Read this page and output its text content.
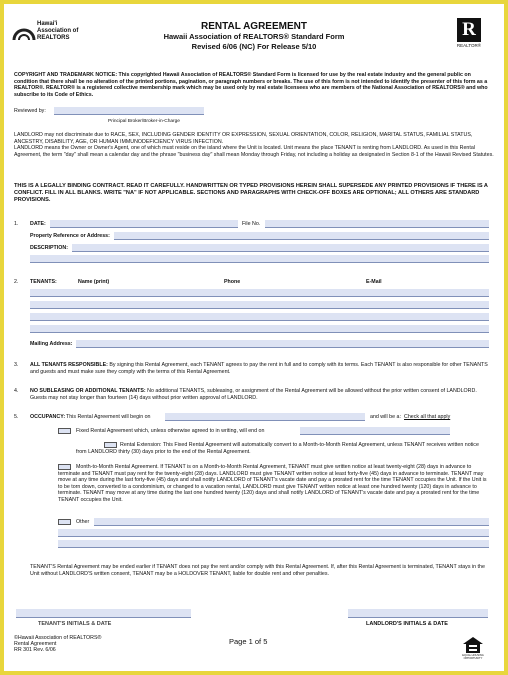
Hawai'i
Association of
REALTORS
RENTAL AGREEMENT
Hawaii Association of REALTORS® Standard Form
Revised 6/06 (NC) For Release 5/10
R
REALTOR®
COPYRIGHT AND TRADEMARK NOTICE: This copyrighted Hawaii Association of REALTORS® Standard Form is licensed for use by the real estate industry and the general public on condition that there shall be no alteration of the printed portions, pagination, or paragraph numbers or breaks. The use of this form is not intended to identify the presenter of this form as a REALTOR®. REALTOR® is a registered collective membership mark which may be used only by real estate licensees who are members of the National Association of REALTORS® and who subscribe to its Code of Ethics.
Reviewed by:
Principal Broker/Broker-in-Charge
LANDLORD may not discriminate due to RACE, SEX, INCLUDING GENDER IDENTITY OR EXPRESSION, SEXUAL ORIENTATION, COLOR, RELIGION, MARITAL STATUS, FAMILIAL STATUS, ANCESTRY, DISABILITY, AGE, OR HUMAN IMMUNODEFICIENCY VIRUS INFECTION.
LANDLORD means the Owner or Owner's Agent, one of which must reside on the island where the Unit is located. Unit means the place TENANT is renting from LANDLORD. As used in this Rental Agreement, the term "day" shall mean a calendar day and the phrase "business day" shall mean Monday through Friday, not including a holiday as designated in Section 8-1 of the Hawaii Revised Statutes.
THIS IS A LEGALLY BINDING CONTRACT. READ IT CAREFULLY. HANDWRITTEN OR TYPED PROVISIONS HEREIN SHALL SUPERSEDE ANY PRINTED PROVISIONS IF THERE IS A CONFLICT. FILL IN ALL BLANKS. WRITE "NA" IF NOT APPLICABLE. SECTIONS AND PARAGRAPHS WITH CHECK-OFF BOXES ARE OPTIONAL; ALL OTHERS ARE STANDARD PROVISIONS.
1. DATE:	File No.
Property Reference or Address:
DESCRIPTION:
2. TENANTS:	Name (print)	Phone	E-Mail
Mailing Address:
3. ALL TENANTS RESPONSIBLE: By signing this Rental Agreement, each TENANT agrees to pay the rent in full and to comply with its terms. Each TENANT is also responsible for other TENANTS and guests and must make sure they comply with the terms of this Rental Agreement.
4. NO SUBLEASING OR ADDITIONAL TENANTS: No additional TENANTS, subleasing, or assignment of the Rental Agreement will be allowed without the prior written consent of LANDLORD. Guests may not stay longer than fourteen (14) days without prior written approval of LANDLORD.
5. OCCUPANCY: This Rental Agreement will begin on	and will be a: Check all that apply
Fixed Rental Agreement which, unless otherwise agreed to in writing, will end on
Rental Extension: This Fixed Rental Agreement will automatically convert to a Month-to-Month Rental Agreement, unless TENANT receives written notice from LANDLORD thirty (30) days prior to the end of the Rental Agreement.
Month-to-Month Rental Agreement. If TENANT is on a Month-to-Month Rental Agreement, TENANT must give written notice at least twenty-eight (28) days in advance to terminate and TENANT must pay rent for the twenty-eight (28) days. LANDLORD must give TENANT written notice at least forty-five (45) days in advance to terminate. TENANT may move at any time during the last forty-five (45) days and shall notify LANDLORD of TENANT's vacate date and pay a prorated rent for the time TENANT occupies the Unit. If the Unit is to be torn down, converted to a condominium, or changed to a vacation rental, LANDLORD must give TENANT written notice at least one hundred twenty (120) days in advance to terminate. TENANT may move at any time during the last one hundred twenty (120) days and shall notify LANDLORD of TENANT's vacate date and pay a prorated rent for the time TENANT occupies the Unit.
Other
TENANT'S Rental Agreement may be ended earlier if TENANT does not pay the rent and/or comply with this Rental Agreement. If, after this Rental Agreement is terminated, TENANT stays in the Unit without LANDLORD'S written consent, TENANT may be a HOLDOVER TENANT, liable for double rent and other penalties.
TENANT'S INITIALS & DATE	LANDLORD'S INITIALS & DATE
©Hawaii Association of REALTORS®
Rental Agreement
RR 301 Rev. 6/06
Page 1 of 5
EQUAL HOUSING OPPORTUNITY
